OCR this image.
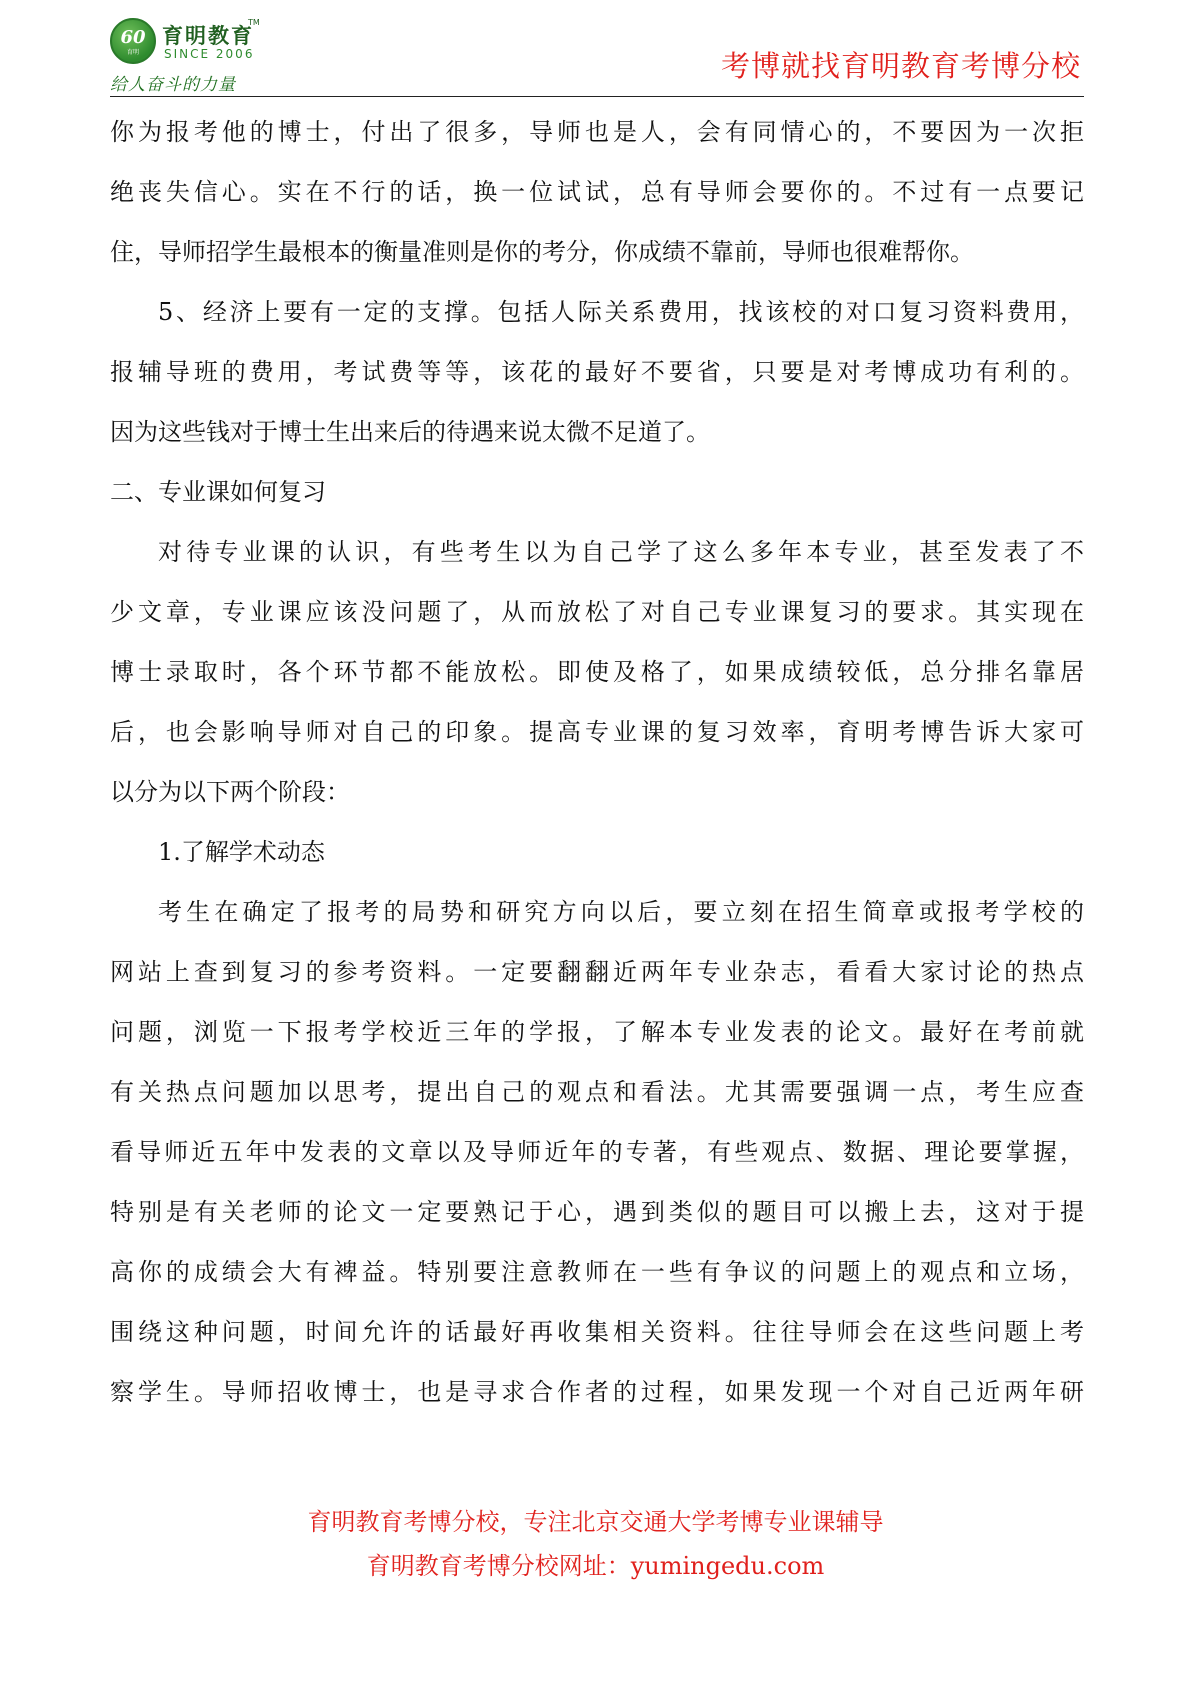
60
育明
育明教育
TM
SINCE 2006
给人奋斗的力量
考博就找育明教育考博分校
你为报考他的博士，付出了很多，导师也是人，会有同情心的，不要因为一次拒
绝丧失信心。实在不行的话，换一位试试，总有导师会要你的。不过有一点要记
住，导师招学生最根本的衡量准则是你的考分，你成绩不靠前，导师也很难帮你。
5、经济上要有一定的支撑。包括人际关系费用，找该校的对口复习资料费用，
报辅导班的费用，考试费等等，该花的最好不要省，只要是对考博成功有利的。
因为这些钱对于博士生出来后的待遇来说太微不足道了。
二、专业课如何复习
对待专业课的认识，有些考生以为自己学了这么多年本专业，甚至发表了不
少文章，专业课应该没问题了，从而放松了对自己专业课复习的要求。其实现在
博士录取时，各个环节都不能放松。即使及格了，如果成绩较低，总分排名靠居
后，也会影响导师对自己的印象。提高专业课的复习效率，育明考博告诉大家可
以分为以下两个阶段：
1.了解学术动态
考生在确定了报考的局势和研究方向以后，要立刻在招生简章或报考学校的
网站上查到复习的参考资料。一定要翻翻近两年专业杂志，看看大家讨论的热点
问题，浏览一下报考学校近三年的学报，了解本专业发表的论文。最好在考前就
有关热点问题加以思考，提出自己的观点和看法。尤其需要强调一点，考生应查
看导师近五年中发表的文章以及导师近年的专著，有些观点、数据、理论要掌握，
特别是有关老师的论文一定要熟记于心，遇到类似的题目可以搬上去，这对于提
高你的成绩会大有裨益。特别要注意教师在一些有争议的问题上的观点和立场，
围绕这种问题，时间允许的话最好再收集相关资料。往往导师会在这些问题上考
察学生。导师招收博士，也是寻求合作者的过程，如果发现一个对自己近两年研
育明教育考博分校，专注北京交通大学考博专业课辅导
育明教育考博分校网址：yumingedu.com
